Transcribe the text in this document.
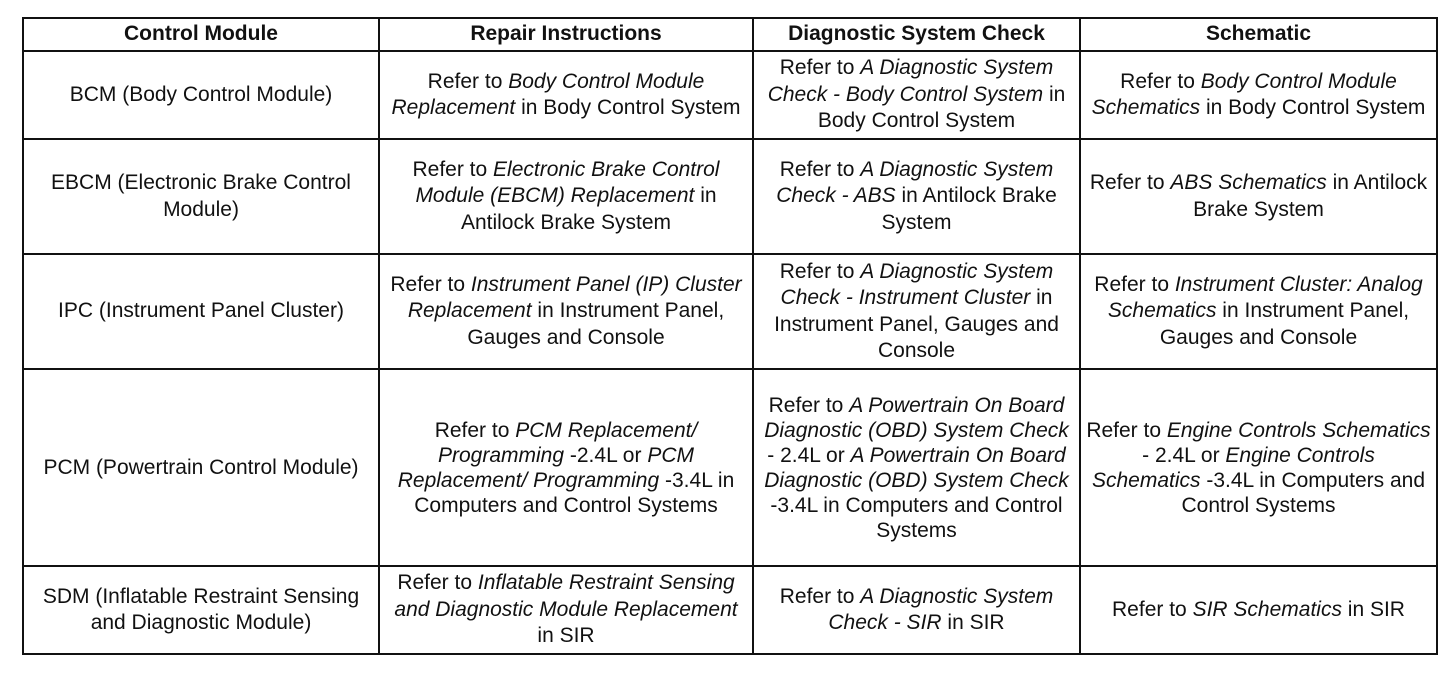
Control Module	Repair Instructions	Diagnostic System Check	Schematic
BCM (Body Control Module)	Refer to Body Control Module Replacement in Body Control System	Refer to A Diagnostic System Check - Body Control System in Body Control System	Refer to Body Control Module Schematics in Body Control System
EBCM (Electronic Brake Control Module)	Refer to Electronic Brake Control Module (EBCM) Replacement in Antilock Brake System	Refer to A Diagnostic System Check - ABS in Antilock Brake System	Refer to ABS Schematics in Antilock Brake System
IPC (Instrument Panel Cluster)	Refer to Instrument Panel (IP) Cluster Replacement in Instrument Panel, Gauges and Console	Refer to A Diagnostic System Check - Instrument Cluster in Instrument Panel, Gauges and Console	Refer to Instrument Cluster: Analog Schematics in Instrument Panel, Gauges and Console
PCM (Powertrain Control Module)	Refer to PCM Replacement/ Programming -2.4L or PCM Replacement/ Programming -3.4L in Computers and Control Systems	Refer to A Powertrain On Board Diagnostic (OBD) System Check - 2.4L or A Powertrain On Board Diagnostic (OBD) System Check -3.4L in Computers and Control Systems	Refer to Engine Controls Schematics - 2.4L or Engine Controls Schematics -3.4L in Computers and Control Systems
SDM (Inflatable Restraint Sensing and Diagnostic Module)	Refer to Inflatable Restraint Sensing and Diagnostic Module Replacement in SIR	Refer to A Diagnostic System Check - SIR in SIR	Refer to SIR Schematics in SIR
